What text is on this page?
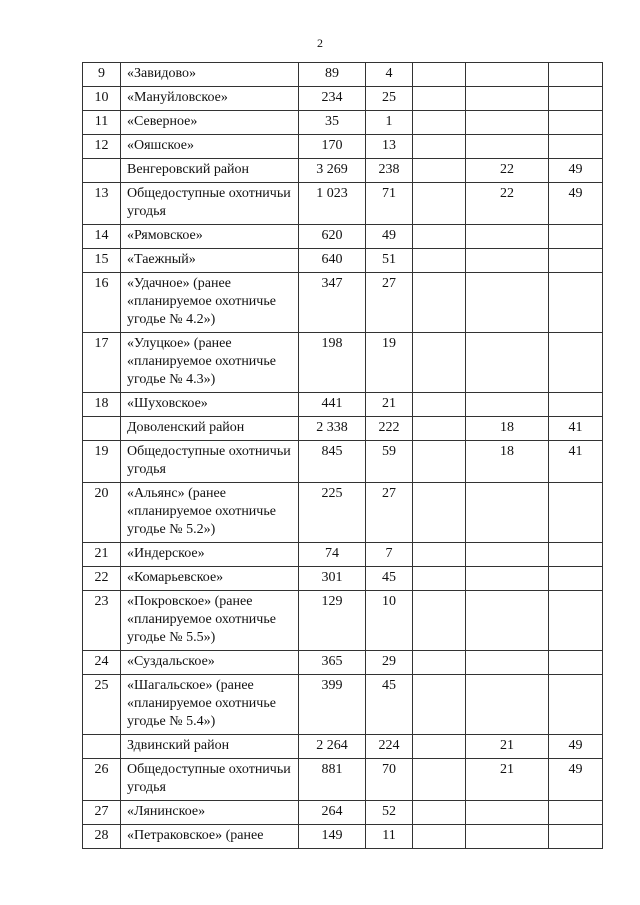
2
9	«Завидово»	89	4			
10	«Мануйловское»	234	25			
11	«Северное»	35	1			
12	«Ояшское»	170	13			
	Венгеровский район	3 269	238		22	49
13	Общедоступные охотничьи угодья	1 023	71		22	49
14	«Рямовское»	620	49			
15	«Таежный»	640	51			
16	«Удачное» (ранее «планируемое охотничье угодье № 4.2»)	347	27			
17	«Улуцкое» (ранее «планируемое охотничье угодье № 4.3»)	198	19			
18	«Шуховское»	441	21			
	Доволенский район	2 338	222		18	41
19	Общедоступные охотничьи угодья	845	59		18	41
20	«Альянс» (ранее «планируемое охотничье угодье № 5.2»)	225	27			
21	«Индерское»	74	7			
22	«Комарьевское»	301	45			
23	«Покровское» (ранее «планируемое охотничье угодье № 5.5»)	129	10			
24	«Суздальское»	365	29			
25	«Шагальское» (ранее «планируемое охотничье угодье № 5.4»)	399	45			
	Здвинский район	2 264	224		21	49
26	Общедоступные охотничьи угодья	881	70		21	49
27	«Лянинское»	264	52			
28	«Петраковское» (ранее	149	11			
